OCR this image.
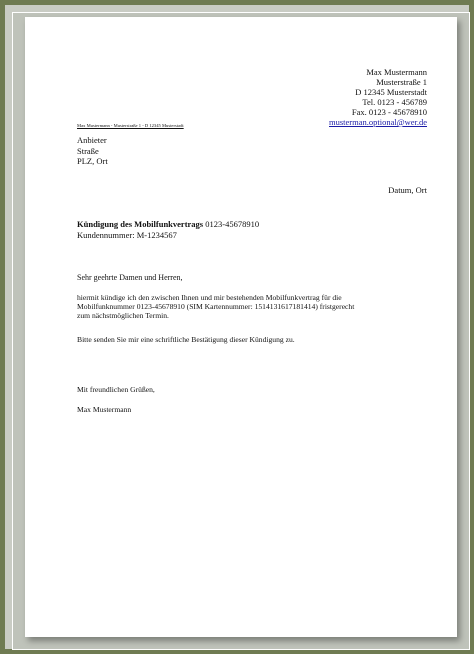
Max Mustermann
Musterstraße 1
D 12345 Musterstadt
Tel. 0123 - 456789
Fax. 0123 - 45678910
musterman.optional@wer.de
Max Mustermann - Musterstraße 1 - D 12345 Musterstadt
Anbieter
Straße
PLZ, Ort
Datum, Ort
Kündigung des Mobilfunkvertrags 0123-45678910
Kundennummer: M-1234567
Sehr geehrte Damen und Herren,
hiermit kündige ich den zwischen Ihnen und mir bestehenden Mobilfunkvertrag für die
Mobilfunknummer 0123-45678910 (SIM Kartennummer: 1514131617181414) fristgerecht
zum nächstmöglichen Termin.
Bitte senden Sie mir eine schriftliche Bestätigung dieser Kündigung zu.
Mit freundlichen Grüßen,
Max Mustermann
